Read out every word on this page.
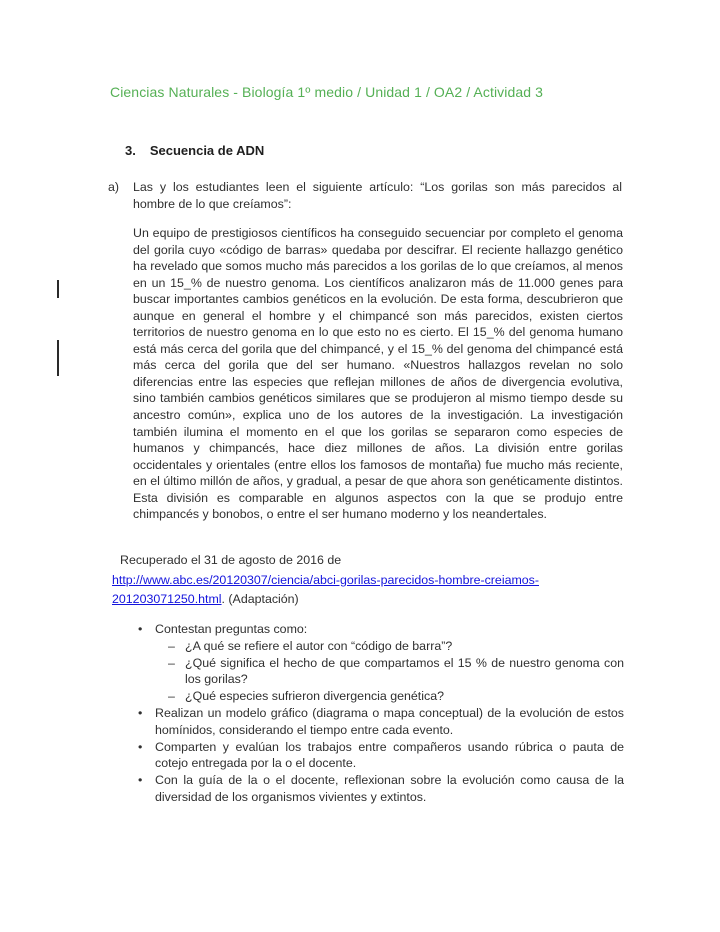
Ciencias Naturales - Biología 1º medio / Unidad 1 / OA2 / Actividad 3
3. Secuencia de ADN
a)	Las y los estudiantes leen el siguiente artículo: “Los gorilas son más parecidos al hombre de lo que creíamos”:
Un equipo de prestigiosos científicos ha conseguido secuenciar por completo el genoma del gorila cuyo «código de barras» quedaba por descifrar. El reciente hallazgo genético ha revelado que somos mucho más parecidos a los gorilas de lo que creíamos, al menos en un 15_% de nuestro genoma. Los científicos analizaron más de 11.000 genes para buscar importantes cambios genéticos en la evolución. De esta forma, descubrieron que aunque en general el hombre y el chimpancé son más parecidos, existen ciertos territorios de nuestro genoma en lo que esto no es cierto. El 15_% del genoma humano está más cerca del gorila que del chimpancé, y el 15_% del genoma del chimpancé está más cerca del gorila que del ser humano. «Nuestros hallazgos revelan no solo diferencias entre las especies que reflejan millones de años de divergencia evolutiva, sino también cambios genéticos similares que se produjeron al mismo tiempo desde su ancestro común», explica uno de los autores de la investigación. La investigación también ilumina el momento en el que los gorilas se separaron como especies de humanos y chimpancés, hace diez millones de años. La división entre gorilas occidentales y orientales (entre ellos los famosos de montaña) fue mucho más reciente, en el último millón de años, y gradual, a pesar de que ahora son genéticamente distintos. Esta división es comparable en algunos aspectos con la que se produjo entre chimpancés y bonobos, o entre el ser humano moderno y los neandertales.
Recuperado el 31 de agosto de 2016 de
http://www.abc.es/20120307/ciencia/abci-gorilas-parecidos-hombre-creiamos-201203071250.html. (Adaptación)
• Contestan preguntas como:
– ¿A qué se refiere el autor con “código de barra”?
– ¿Qué significa el hecho de que compartamos el 15 % de nuestro genoma con los gorilas?
– ¿Qué especies sufrieron divergencia genética?
• Realizan un modelo gráfico (diagrama o mapa conceptual) de la evolución de estos homínidos, considerando el tiempo entre cada evento.
• Comparten y evalúan los trabajos entre compañeros usando rúbrica o pauta de cotejo entregada por la o el docente.
• Con la guía de la o el docente, reflexionan sobre la evolución como causa de la diversidad de los organismos vivientes y extintos.
